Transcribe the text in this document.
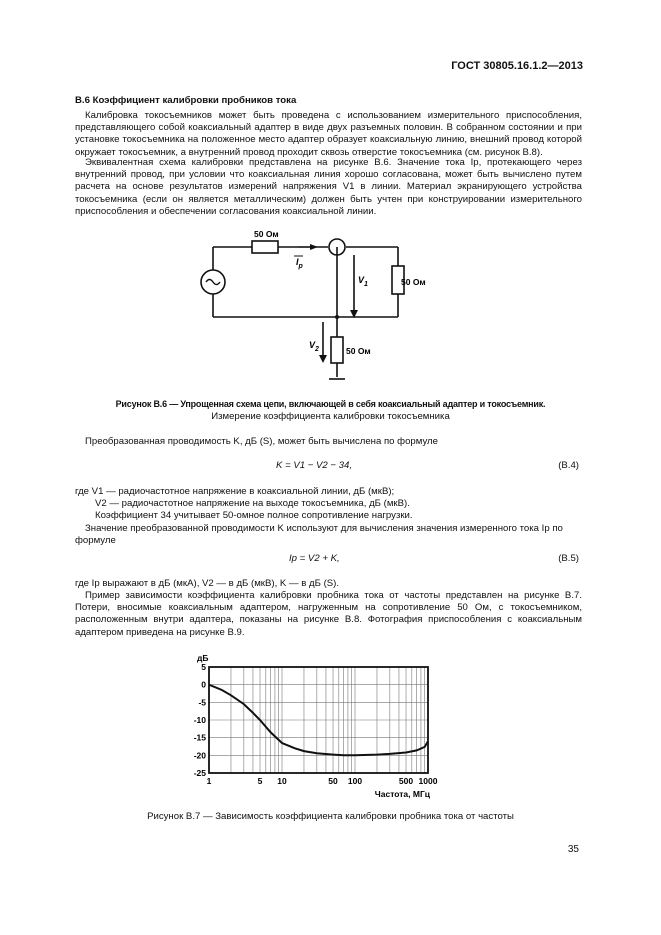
ГОСТ 30805.16.1.2—2013
В.6 Коэффициент калибровки пробников тока
Калибровка токосъемников может быть проведена с использованием измерительного приспособления, представляющего собой коаксиальный адаптер в виде двух разъемных половин. В собранном состоянии и при установке токосъемника на положенное место адаптер образует коаксиальную линию, внешний провод которой окружает токосъемник, а внутренний провод проходит сквозь отверстие токосъемника (см. рисунок В.8).
Эквивалентная схема калибровки представлена на рисунке В.6. Значение тока Ip, протекающего через внутренний провод, при условии что коаксиальная линия хорошо согласована, может быть вычислено путем расчета на основе результатов измерений напряжения V1 в линии. Материал экранирующего устройства токосъемника (если он является металлическим) должен быть учтен при конструировании измерительного приспособления и обеспечении согласования коаксиальной линии.
50 Ом
50 Ом
50 Ом
$I_p$
$V_1$
$V_2$
Рисунок В.6 — Упрощенная схема цепи, включающей в себя коаксиальный адаптер и токосъемник.
Измерение коэффициента калибровки токосъемника
Преобразованная проводимость K, дБ (S), может быть вычислена по формуле
K = V1 − V2 − 34,	(B.4)
где V1 — радиочастотное напряжение в коаксиальной линии, дБ (мкВ);
V2 — радиочастотное напряжение на выходе токосъемника, дБ (мкВ).
Коэффициент 34 учитывает 50-омное полное сопротивление нагрузки.
Значение преобразованной проводимости K используют для вычисления значения измеренного тока Ip по
формуле
Ip = V2 + K,	(B.5)
где Ip выражают в дБ (мкА), V2 — в дБ (мкВ), K — в дБ (S).
Пример зависимости коэффициента калибровки пробника тока от частоты представлен на рисунке В.7. Потери, вносимые коаксиальным адаптером, нагруженным на сопротивление 50 Ом, с токосъемником, расположенным внутри адаптера, показаны на рисунке В.8. Фотография приспособления с коаксиальным адаптером приведена на рисунке В.9.
5
0
-5
-10
-15
-20
-25
1	5 10	50 100	500 1000
дБ
Частота, МГц
Рисунок В.7 — Зависимость коэффициента калибровки пробника тока от частоты
35
